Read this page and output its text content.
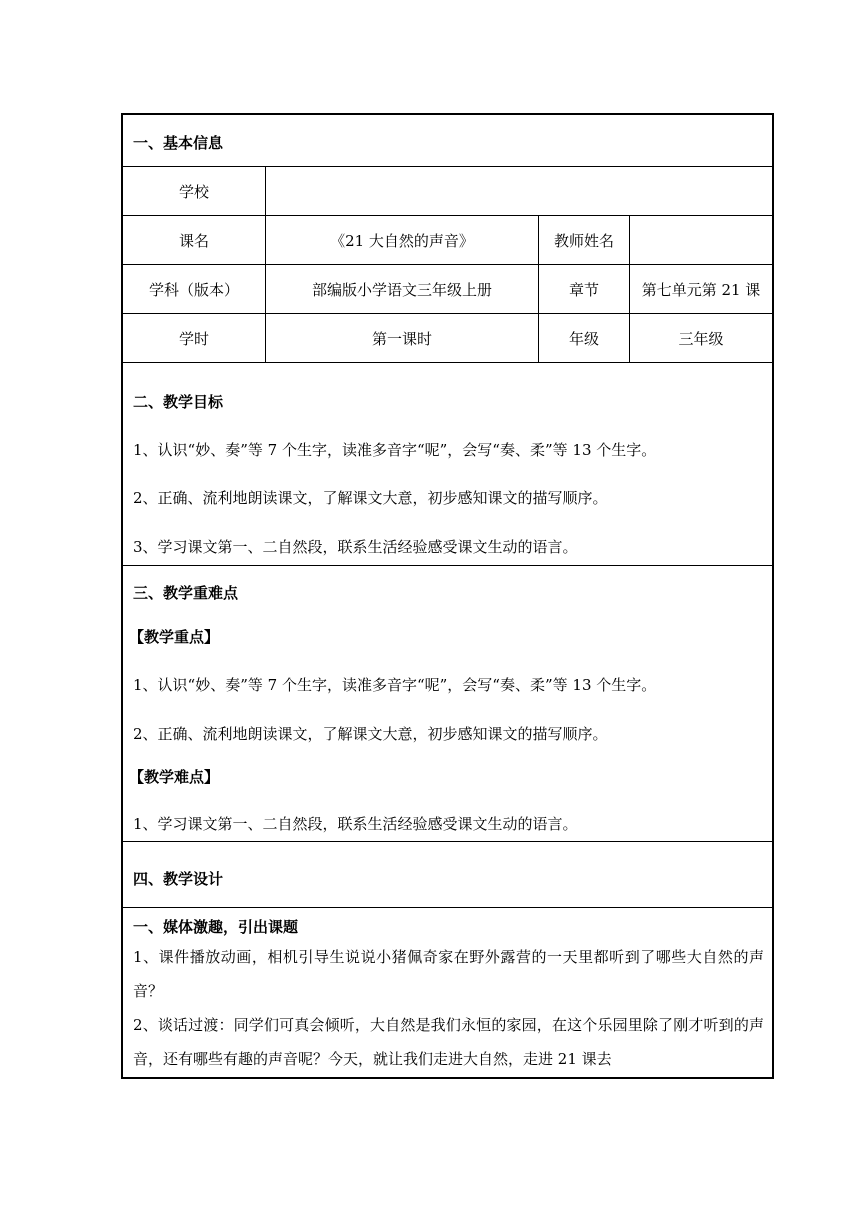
一、基本信息
学校
课名	《21 大自然的声音》	教师姓名
学科（版本）	部编版小学语文三年级上册	章节	第七单元第 21 课
学时	第一课时	年级	三年级
二、教学目标
1、认识“妙、奏”等 7 个生字，读准多音字“呢”，会写“奏、柔”等 13 个生字。
2、正确、流利地朗读课文，了解课文大意，初步感知课文的描写顺序。
3、学习课文第一、二自然段，联系生活经验感受课文生动的语言。
三、教学重难点
【教学重点】
1、认识“妙、奏”等 7 个生字，读准多音字“呢”，会写“奏、柔”等 13 个生字。
2、正确、流利地朗读课文，了解课文大意，初步感知课文的描写顺序。
【教学难点】
1、学习课文第一、二自然段，联系生活经验感受课文生动的语言。
四、教学设计
一、媒体激趣，引出课题
1、课件播放动画，相机引导生说说小猪佩奇家在野外露营的一天里都听到了哪些大自然的声音？
2、谈话过渡：同学们可真会倾听，大自然是我们永恒的家园，在这个乐园里除了刚才听到的声音，还有哪些有趣的声音呢？今天，就让我们走进大自然，走进 21 课去
